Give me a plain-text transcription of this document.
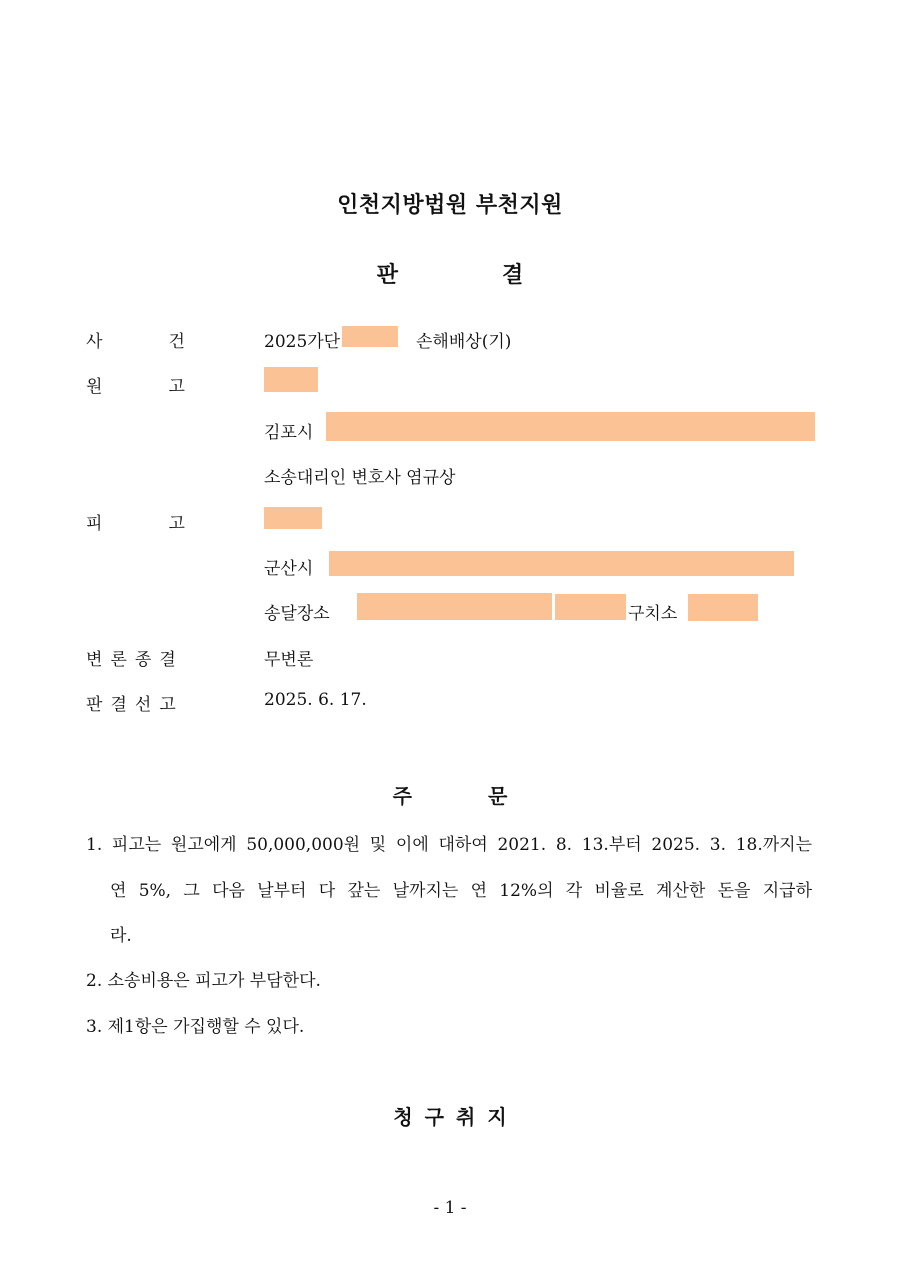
인천지방법원 부천지원
판	결
사	건	2025가단	손해배상(기)
원	고
김포시
소송대리인 변호사 염규상
피	고
군산시
송달장소	구치소
변 론 종 결	무변론
판 결 선 고	2025. 6. 17.
주	문
1. 피고는 원고에게 50,000,000원 및 이에 대하여 2021. 8. 13.부터 2025. 3. 18.까지는
연 5%, 그 다음 날부터 다 갚는 날까지는 연 12%의 각 비율로 계산한 돈을 지급하
라.
2. 소송비용은 피고가 부담한다.
3. 제1항은 가집행할 수 있다.
청 구 취 지
- 1 -
